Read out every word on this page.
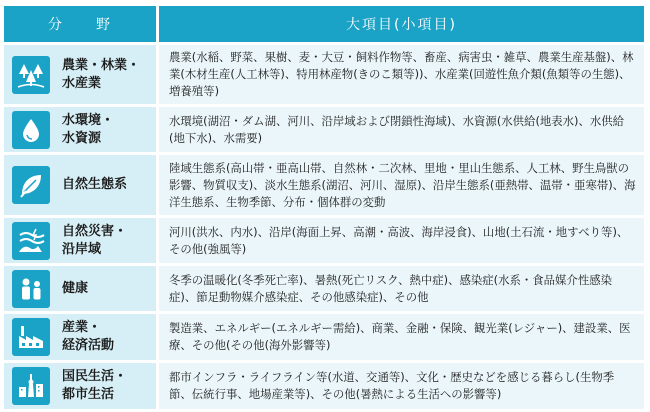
分 野	大項目(小項目)
農業・林業・
水産業
農業(水稲、野菜、果樹、麦・大豆・飼料作物等、畜産、病害虫・雑草、農業生産基盤)、林業(木材生産(人工林等)、特用林産物(きのこ類等))、水産業(回遊性魚介類(魚類等の生態)、増養殖等)
水環境・
水資源
水環境(湖沼・ダム湖、河川、沿岸域および閉鎖性海域)、水資源(水供給(地表水)、水供給(地下水)、水需要)
自然生態系
陸域生態系(高山帯・亜高山帯、自然林・二次林、里地・里山生態系、人工林、野生鳥獣の影響、物質収支)、淡水生態系(湖沼、河川、湿原)、沿岸生態系(亜熱帯、温帯・亜寒帯)、海洋生態系、生物季節、分布・個体群の変動
自然災害・
沿岸域
河川(洪水、内水)、沿岸(海面上昇、高潮・高波、海岸浸食)、山地(土石流・地すべり等)、その他(強風等)
健康
冬季の温暖化(冬季死亡率)、暑熱(死亡リスク、熱中症)、感染症(水系・食品媒介性感染症)、節足動物媒介感染症、その他感染症)、その他
産業・
経済活動
製造業、エネルギー(エネルギー需給)、商業、金融・保険、観光業(レジャー)、建設業、医療、その他(その他(海外影響等)
国民生活・
都市生活
都市インフラ・ライフライン等(水道、交通等)、文化・歴史などを感じる暮らし(生物季節、伝統行事、地場産業等)、その他(暑熱による生活への影響等)
